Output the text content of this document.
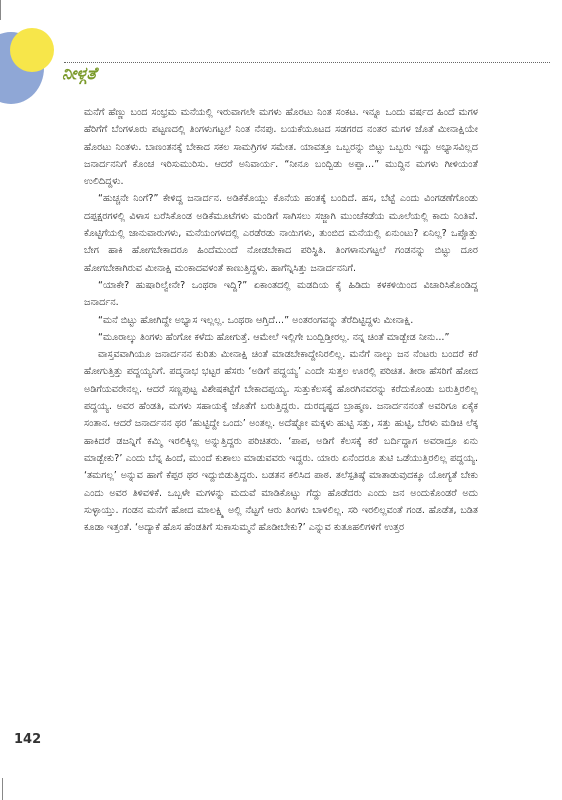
ನೀಳ್ಗತೆ

ಮನೆಗೆ ಹೆಣ್ಣು ಬಂದ ಸಂಭ್ರಮ ಮನೆಯಲ್ಲಿ ಇರುವಾಗಲೇ ಮಗಳು ಹೊರಟು ನಿಂತ ಸಂಕಟ. ಇನ್ನೂ ಒಂದು ವರ್ಷದ ಹಿಂದೆ ಮಗಳ ಹೆರಿಗೆಗೆ ಬೆಂಗಳೂರು ಪಟ್ಟಣದಲ್ಲಿ ತಿಂಗಳುಗಟ್ಟಲೆ ನಿಂತ ನೆನಪು. ಬಯಕೆಯೂಟದ ಸಡಗರದ ನಂತರ ಮಗಳ ಜೊತೆ ಮೀನಾಕ್ಷಿಯೇ ಹೊರಟು ನಿಂತಳು. ಬಾಣಂತನಕ್ಕೆ ಬೇಕಾದ ಸಕಲ ಸಾಮಗ್ರಿಗಳ ಸಮೇತ. ಯಾವತ್ತೂ ಒಬ್ಬರನ್ನು ಬಿಟ್ಟು ಒಬ್ಬರು ಇದ್ದು ಅಭ್ಯಾಸವಿಲ್ಲದ ಜನಾರ್ದನನಿಗೆ ಕೊಂಚ ಇರಿಸುಮುರಿಸು. ಆದರೆ ಅನಿವಾರ್ಯ. “ನೀನೂ ಬಂದ್ಬಿಡು ಅಪ್ಪಾ...” ಮುದ್ದಿನ ಮಗಳು ಗೀಳಿಯಂತೆ ಉಲಿದಿದ್ದಳು.

“ಹುಚ್ಚನೇ ನಿಂಗೆ?” ಕೇಳಿದ್ದ ಜನಾರ್ದನ. ಅಡಿಕೆಕೊಯ್ಲು ಕೊನೆಯ ಹಂತಕ್ಕೆ ಬಂದಿದೆ. ಹಸ, ಬೆಟ್ಟೆ ಎಂದು ವಿಂಗಡಣೆಗೊಂಡು ದಪ್ಪಕ್ಷರಗಳಲ್ಲಿ ವಿಳಾಸ ಬರೆಸಿಕೊಂಡ ಅಡಿಕೆಮೂಟೆಗಳು ಮಂಡಿಗೆ ಸಾಗಿಸಲು ಸಜ್ಜಾಗಿ ಮುಂಚೆಕಡೆಯ ಮೂಲೆಯಲ್ಲಿ ಕಾದು ನಿಂತಿವೆ. ಕೊಟ್ಟಿಗೆಯಲ್ಲಿ ಜಾನುವಾರುಗಳು, ಮನೆಯಂಗಳದಲ್ಲಿ ಎರಡೆರಡು ನಾಯಿಗಳು, ತುಂಬಿದ ಮನೆಯಲ್ಲಿ ಏನುಂಟು? ಏನಿಲ್ಲ? ಒಪ್ಪೊತ್ತು ಬೇಗ ಹಾಕಿ ಹೋಗಬೇಕಾದರೂ ಹಿಂದೆಮುಂದೆ ನೋಡಬೇಕಾದ ಪರಿಸ್ಥಿತಿ. ತಿಂಗಳಾನುಗಟ್ಟಲೆ ಗಂಡನನ್ನು ಬಿಟ್ಟು ದೂರ ಹೋಗಬೇಕಾಗಿರುವ ಮೀನಾಕ್ಷಿ ಮಂಕಾದವಳಂತೆ ಕಾಣುತ್ತಿದ್ದಳು. ಹಾಗೆನ್ನಿಸಿತ್ತು ಜನಾರ್ದನನಿಗೆ.

“ಯಾಕೇ? ಹುಷಾರಿಲ್ವೇನೇ? ಒಂಥರಾ ಇದ್ದಿ?” ಏಕಾಂತದಲ್ಲಿ ಮಡದಿಯ ಕೈ ಹಿಡಿದು ಕಳಕಳಿಯಿಂದ ವಿಚಾರಿಸಿಕೊಂಡಿದ್ದ ಜನಾರ್ದನ.

“ಮನೆ ಬಿಟ್ಟು ಹೋಗಿದ್ದೇ ಅಭ್ಯಾಸ ಇಲ್ಲಲ್ಲ. ಒಂಥರಾ ಆಗ್ತಿದೆ...” ಅಂತರಂಗವನ್ನು ತೆರೆದಿಟ್ಟಿದ್ದಳು ಮೀನಾಕ್ಷಿ.

“ಮೂರಾಲ್ಕು ತಿಂಗಳು ಹೆಂಗೋ ಕಳೆದು ಹೋಗುತ್ತೆ. ಆಮೇಲೆ ಇಲ್ಲಿಗೇ ಬಂದ್ಬಿಡ್ತೀರಲ್ಲ. ನನ್ನ ಚಿಂತೆ ಮಾಡ್ಬೇಡ ನೀನು...”

ವಾಸ್ತವವಾಗಿಯೂ ಜನಾರ್ದನನ ಕುರಿತು ಮೀನಾಕ್ಷಿ ಚಿಂತೆ ಮಾಡಬೇಕಾದ್ದೇನಿರಲಿಲ್ಲ. ಮನೆಗೆ ನಾಲ್ಕು ಜನ ನೆಂಟರು ಬಂದರೆ ಕರೆ ಹೋಗುತ್ತಿತ್ತು ಪದ್ದಯ್ಯನಿಗೆ. ಪದ್ಮನಾಭ ಭಟ್ಟರ ಹೆಸರು ‘ಅಡಿಗೆ ಪದ್ದಯ್ಯ’ ಎಂದೇ ಸುತ್ತಲ ಊರಲ್ಲಿ ಪರಿಚಿತ. ತೀರಾ ಹೆಸರಿಗೆ ಹೋದ ಅಡಿಗೆಯವರೇನಲ್ಲ. ಆದರೆ ಸಣ್ಣಪುಟ್ಟ ವಿಶೇಷಕಟ್ಟೆಗೆ ಬೇಕಾದಪ್ಪಯ್ಯ. ಸುತ್ತುಕೆಲಸಕ್ಕೆ ಹೊರಗಿನವರನ್ನು ಕರೆದುಕೊಂಡು ಬರುತ್ತಿರಲಿಲ್ಲ ಪದ್ದಯ್ಯ. ಅವರ ಹೆಂಡತಿ, ಮಗಳು ಸಹಾಯಕ್ಕೆ ಜೊತೆಗೆ ಬರುತ್ತಿದ್ದರು. ದುರದೃಷ್ಟದ ಬ್ರಾಹ್ಮಣ. ಜನಾರ್ದನನಂತೆ ಅವರಿಗೂ ಏಕೈಕ ಸಂತಾನ. ಆದರೆ ಜನಾರ್ದನನ ಥರ ‘ಹುಟ್ಟಿದ್ದೇ ಒಂದು’ ಅಂತಲ್ಲ. ಅದೆಷ್ಟೋ ಮಕ್ಕಳು ಹುಟ್ಟಿ ಸತ್ತು, ಸತ್ತು ಹುಟ್ಟಿ, ಬೆರಳು ಮಡಿಚಿ ಲೆಕ್ಕ ಹಾಕಿದರೆ ಡಜನ್ನಿಗೆ ಕಮ್ಮಿ ಇರಲಿಕ್ಕಿಲ್ಲ ಅನ್ನುತ್ತಿದ್ದರು ಪರಿಚಿತರು. ‘ಪಾಪ, ಅಡಿಗೆ ಕೆಲಸಕ್ಕೆ ಕರೆ ಬರ್ದಿದ್ದಾಗ ಅವರಾದ್ರೂ ಏನು ಮಾಡ್ಬೇಕು?’ ಎಂದು ಬೆನ್ನ ಹಿಂದೆ, ಮುಂದೆ ಕುಶಾಲು ಮಾಡುವವರು ಇದ್ದರು. ಯಾರು ಏನೆಂದರೂ ತುಟಿ ಒಡೆಯುತ್ತಿರಲಿಲ್ಲ ಪದ್ದಯ್ಯ. ‘ತಮಗಲ್ಲ’ ಅನ್ನುವ ಹಾಗೆ ಕೆಪ್ಪರ ಥರ ಇದ್ದುಬಿಡುತ್ತಿದ್ದರು. ಬಡತನ ಕಲಿಸಿದ ಪಾಠ. ತಲೆಸ್ಪತಿಷ್ಠೆ ಮಾತಾಡುವುದಕ್ಕೂ ಯೋಗ್ಯತೆ ಬೇಕು ಎಂದು ಅವರ ತಿಳಿವಳಿಕೆ. ಒಬ್ಬಳೇ ಮಗಳನ್ನು ಮದುವೆ ಮಾಡಿಕೊಟ್ಟು ಗೆದ್ದು ಹೊಡೆದರು ಎಂದು ಜನ ಅಂದುಕೊಂಡರೆ ಅದು ಸುಳ್ಳಾಯ್ತು. ಗಂಡನ ಮನೆಗೆ ಹೋದ ಮಾಲಕ್ಷ್ಮಿ ಅಲ್ಲಿ ನೆಟ್ಟಗೆ ಆರು ತಿಂಗಳು ಬಾಳಲಿಲ್ಲ. ಸರಿ ಇರಲಿಲ್ಲವಂತೆ ಗಂಡ. ಹೊಡೆತ, ಬಡಿತ ಕೂಡಾ ಇತ್ತಂತೆ. ‘ಅದ್ಯಾಕೆ ಹೊಸ ಹೆಂಡತಿಗೆ ಸುಕಾಸುಮ್ಮನೆ ಹೊಡೀಬೇಕು?’ ಎನ್ನುವ ಕುತೂಹಲಿಗಳಿಗೆ ಉತ್ತರ

142
